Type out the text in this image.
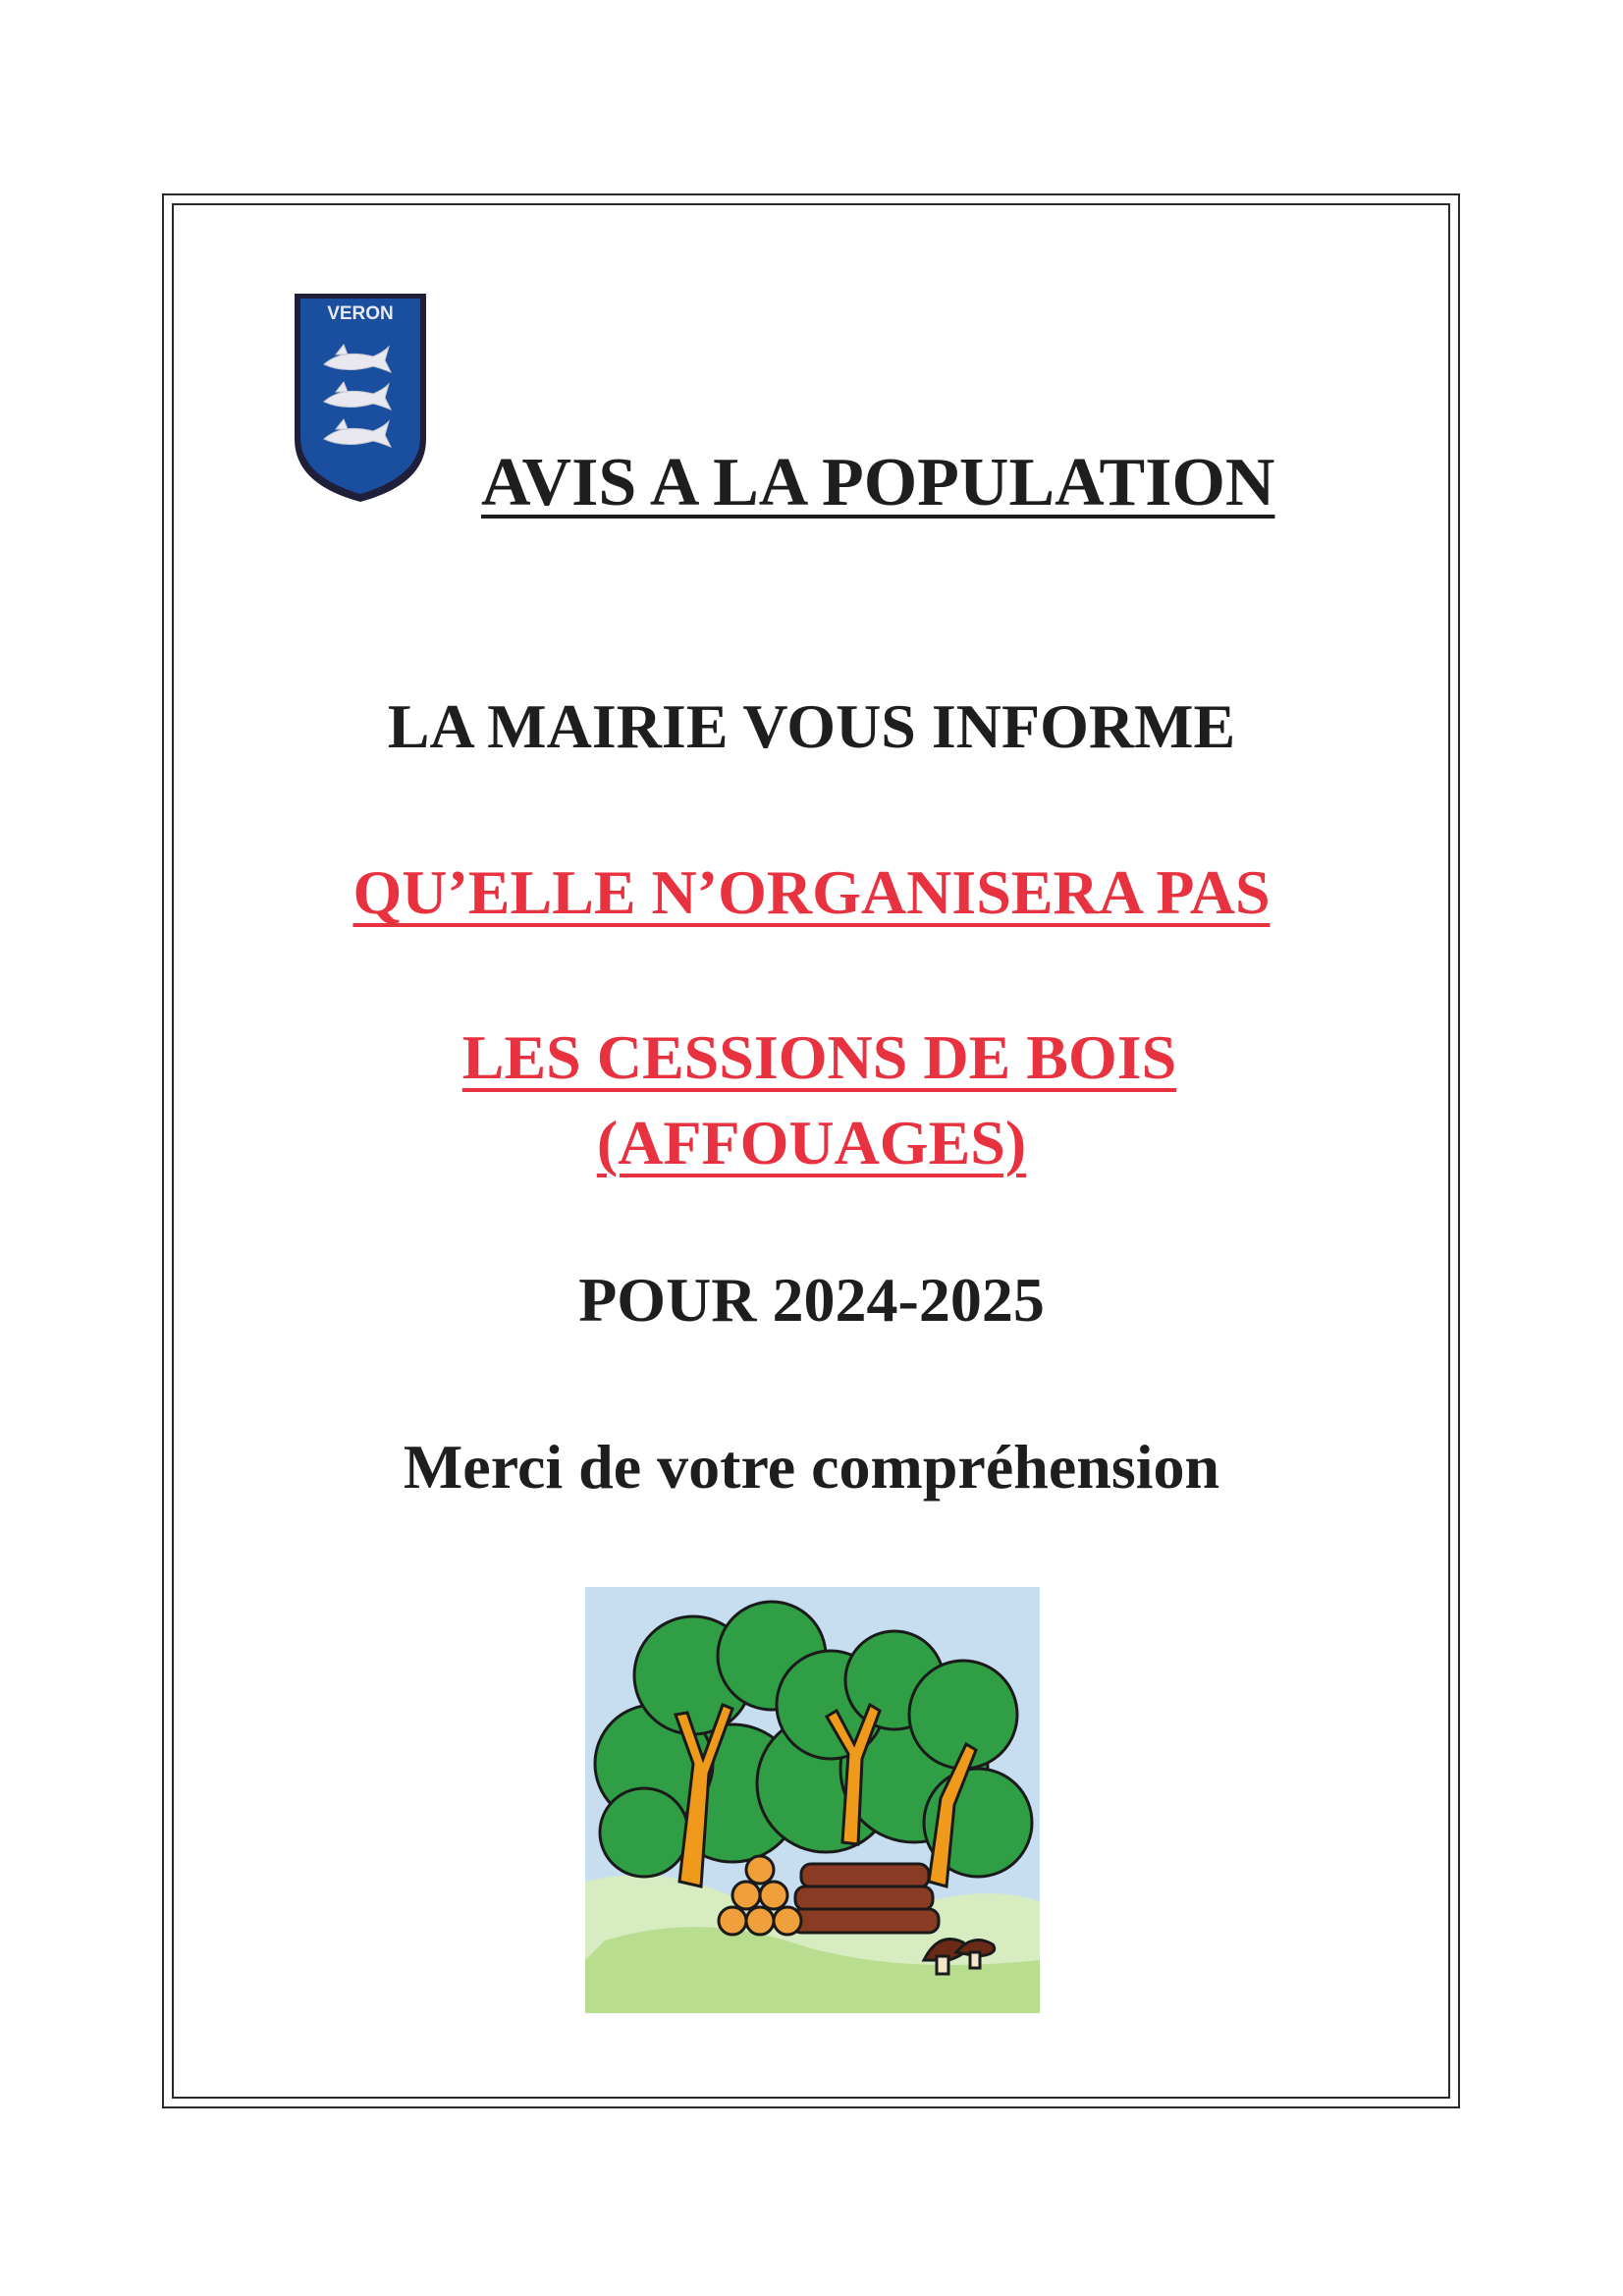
VERON
AVIS A LA POPULATION
LA MAIRIE VOUS INFORME
QU’ELLE N’ORGANISERA PAS
LES CESSIONS DE BOIS
(AFFOUAGES)
POUR 2024-2025
Merci de votre compréhension
